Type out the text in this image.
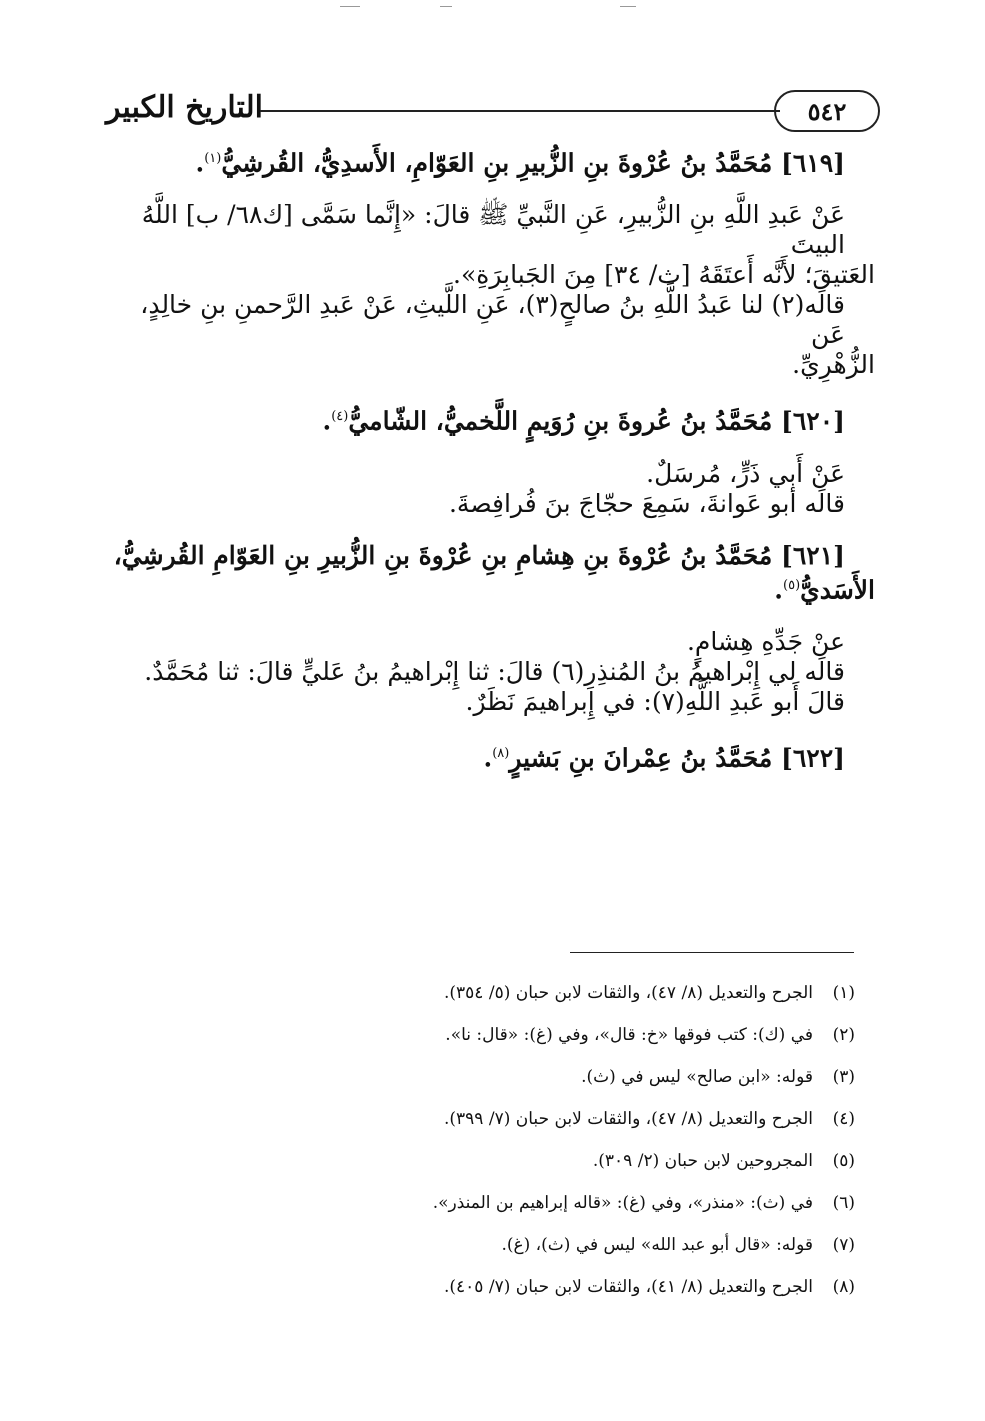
التاريخ الكبير	٥٤٢

[٦١٩] مُحَمَّدُ بنُ عُرْوةَ بنِ الزُّبيرِ بنِ العَوّامِ، الأَسدِيُّ، القُرشِيُّ$^{(١)}$.

عَنْ عَبدِ اللَّهِ بنِ الزُّبيرِ، عَنِ النَّبيِّ ﷺ قالَ: «إِنَّما سَمَّى [ك٦٨/ ب] اللَّهُ البيتَ

العَتيقَ؛ لأَنَّه أَعتَقَهُ [ث/ ٣٤] مِنَ الجَبابِرَةِ».

قالَه(٢) لنا عَبدُ اللَّهِ بنُ صالحٍ(٣)، عَنِ اللَّيثِ، عَنْ عَبدِ الرَّحمنِ بنِ خالِدٍ، عَن

الزُّهْرِيِّ.

[٦٢٠] مُحَمَّدُ بنُ عُروةَ بنِ رُوَيمٍ اللَّخميُّ، الشّاميُّ$^{(٤)}$.

عَنْ أَبي ذَرٍّ، مُرسَلٌ.

قالَه أبو عَوانةَ، سَمِعَ حجّاجَ بنَ فُرافِصةَ.

[٦٢١] مُحَمَّدُ بنُ عُرْوةَ بنِ هِشامِ بنِ عُرْوةَ بنِ الزُّبيرِ بنِ العَوّامِ القُرشِيُّ،

الأَسَديُّ$^{(٥)}$.

عنْ جَدِّهِ هِشامٍ.

قالَه لي إِبْراهيمُ بنُ المُنذِرِ(٦) قالَ: ثنا إِبْراهيمُ بنُ عَليٍّ قالَ: ثنا مُحَمَّدٌ.

قالَ أَبو عَبدِ اللَّهِ(٧): في إِبراهيمَ نَظَرٌ.

[٦٢٢] مُحَمَّدُ بنُ عِمْرانَ بنِ بَشيرٍ$^{(٨)}$.

(١)الجرح والتعديل (٨/ ٤٧)، والثقات لابن حبان (٥/ ٣٥٤).

(٢)في (ك): كتب فوقها «خ: قال»، وفي (غ): «قال: نا».

(٣)قوله: «ابن صالح» ليس في (ث).

(٤)الجرح والتعديل (٨/ ٤٧)، والثقات لابن حبان (٧/ ٣٩٩).

(٥)المجروحين لابن حبان (٢/ ٣٠٩).

(٦)في (ث): «منذر»، وفي (غ): «قاله إبراهيم بن المنذر».

(٧)قوله: «قال أبو عبد الله» ليس في (ث)، (غ).

(٨)الجرح والتعديل (٨/ ٤١)، والثقات لابن حبان (٧/ ٤٠٥).
